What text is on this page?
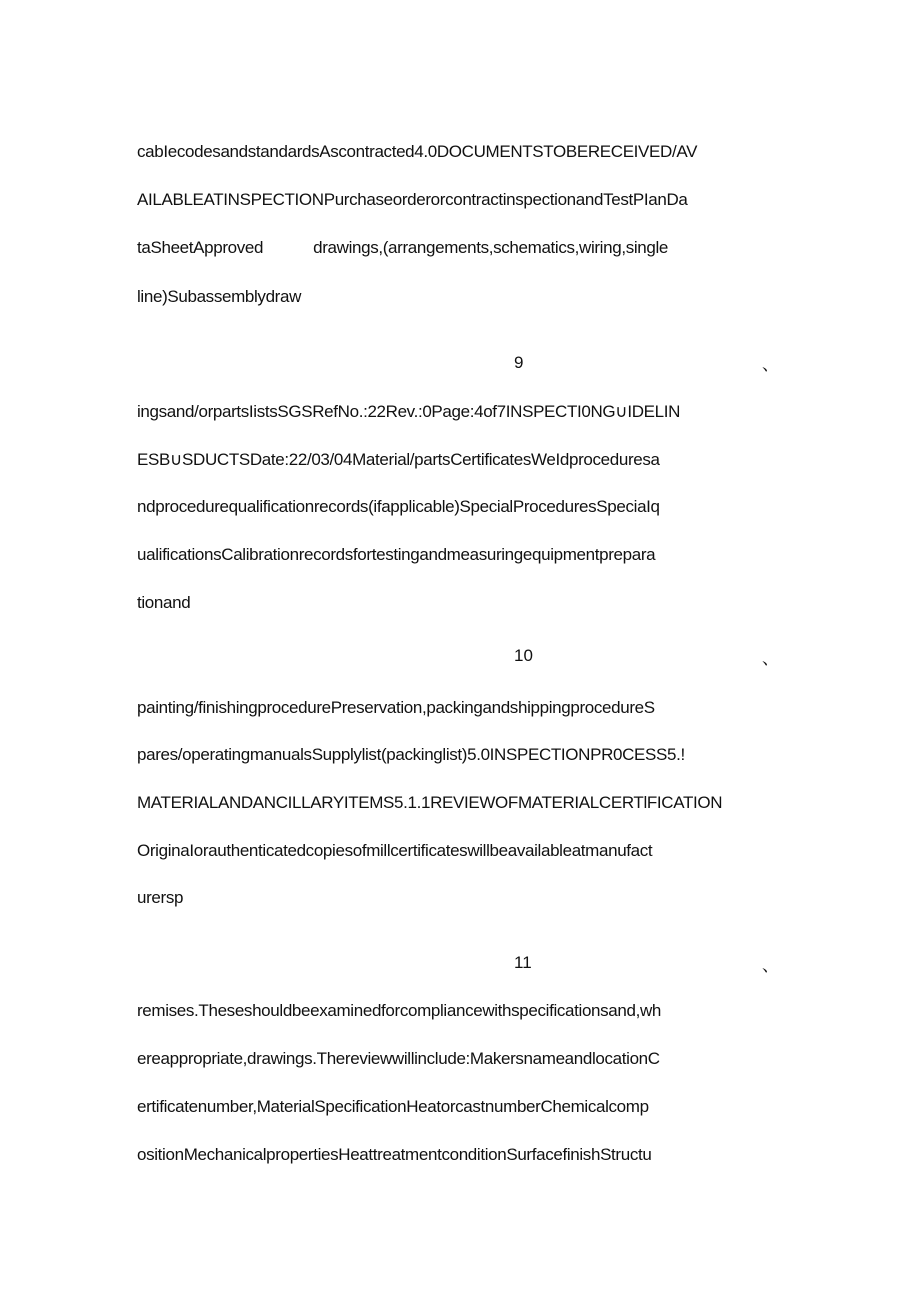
cabIecodesandstandardsAscontracted4.0DOCUMENTSTOBERECEIVED/AV
AILABLEATINSPECTIONPurchaseorderorcontractinspectionandTestPIanDa
taSheetApproved	drawings,(arrangements,schematics,wiring,single
line)Subassemblydraw
9	、
ingsand/orpartsIistsSGSRefNo.:22Rev.:0Page:4of7INSPECTI0NG∪IDELIN
ESB∪SDUCTSDate:22/03/04Material/partsCertificatesWeIdproceduresa
ndprocedurequalificationrecords(ifapplicable)SpecialProceduresSpeciaIq
ualificationsCalibrationrecordsfortestingandmeasuringequipmentprepara
tionand
10	、
painting/finishingprocedurePreservation,packingandshippingprocedureS
pares/operatingmanualsSupplylist(packinglist)5.0INSPECTIONPR0CESS5.!
MATERIALANDANCILLARYITEMS5.1.1REVIEWOFMATERIALCERTlFICATION
OriginaIorauthenticatedcopiesofmillcertificateswillbeavailableatmanufact
urersp
11	、
remises.Theseshouldbeexaminedforcompliancewithspecificationsand,wh
ereappropriate,drawings.Thereviewwillinclude:MakersnameandlocationC
ertificatenumber,MaterialSpecificationHeatorcastnumberChemicalcomp
ositionMechanicalpropertiesHeattreatmentconditionSurfacefinishStructu
